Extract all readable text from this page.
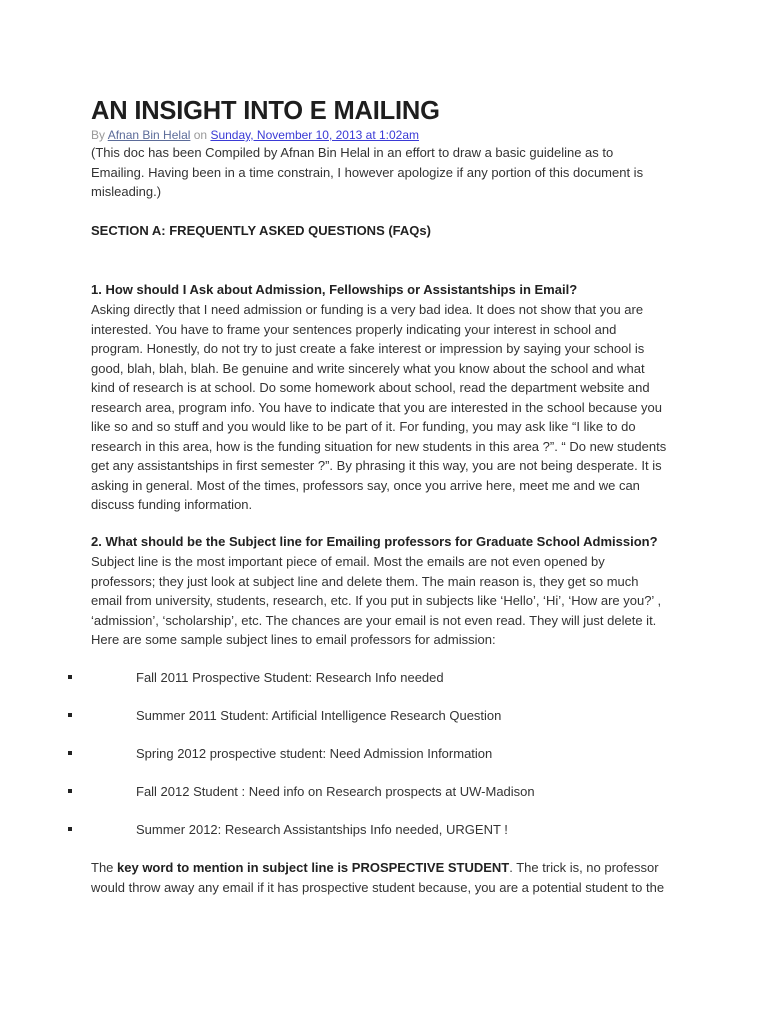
AN INSIGHT INTO E MAILING
By Afnan Bin Helal on Sunday, November 10, 2013 at 1:02am
(This doc has been Compiled by Afnan Bin Helal in an effort to draw a basic guideline as to
Emailing. Having been in a time constrain, I however apologize if any portion of this document is
misleading.)
SECTION A: FREQUENTLY ASKED QUESTIONS (FAQs)
1. How should I Ask about Admission, Fellowships or Assistantships in Email?
Asking directly that I need admission or funding is a very bad idea. It does not show that you are
interested. You have to frame your sentences properly indicating your interest in school and
program. Honestly, do not try to just create a fake interest or impression by saying your school is
good, blah, blah, blah. Be genuine and write sincerely what you know about the school and what
kind of research is at school. Do some homework about school, read the department website and
research area, program info. You have to indicate that you are interested in the school because you
like so and so stuff and you would like to be part of it. For funding, you may ask like “I like to do
research in this area, how is the funding situation for new students in this area ?”. “ Do new students
get any assistantships in first semester ?”. By phrasing it this way, you are not being desperate. It is
asking in general. Most of the times, professors say, once you arrive here, meet me and we can
discuss funding information.
2. What should be the Subject line for Emailing professors for Graduate School Admission?
Subject line is the most important piece of email. Most the emails are not even opened by
professors; they just look at subject line and delete them. The main reason is, they get so much
email from university, students, research, etc. If you put in subjects like ‘Hello’, ‘Hi’, ‘How are you?’ ,
‘admission’, ‘scholarship’, etc. The chances are your email is not even read. They will just delete it.
Here are some sample subject lines to email professors for admission:
Fall 2011 Prospective Student: Research Info needed
Summer 2011 Student: Artificial Intelligence Research Question
Spring 2012 prospective student: Need Admission Information
Fall 2012 Student : Need info on Research prospects at UW-Madison
Summer 2012: Research Assistantships Info needed, URGENT !
The key word to mention in subject line is PROSPECTIVE STUDENT. The trick is, no professor
would throw away any email if it has prospective student because, you are a potential student to the
